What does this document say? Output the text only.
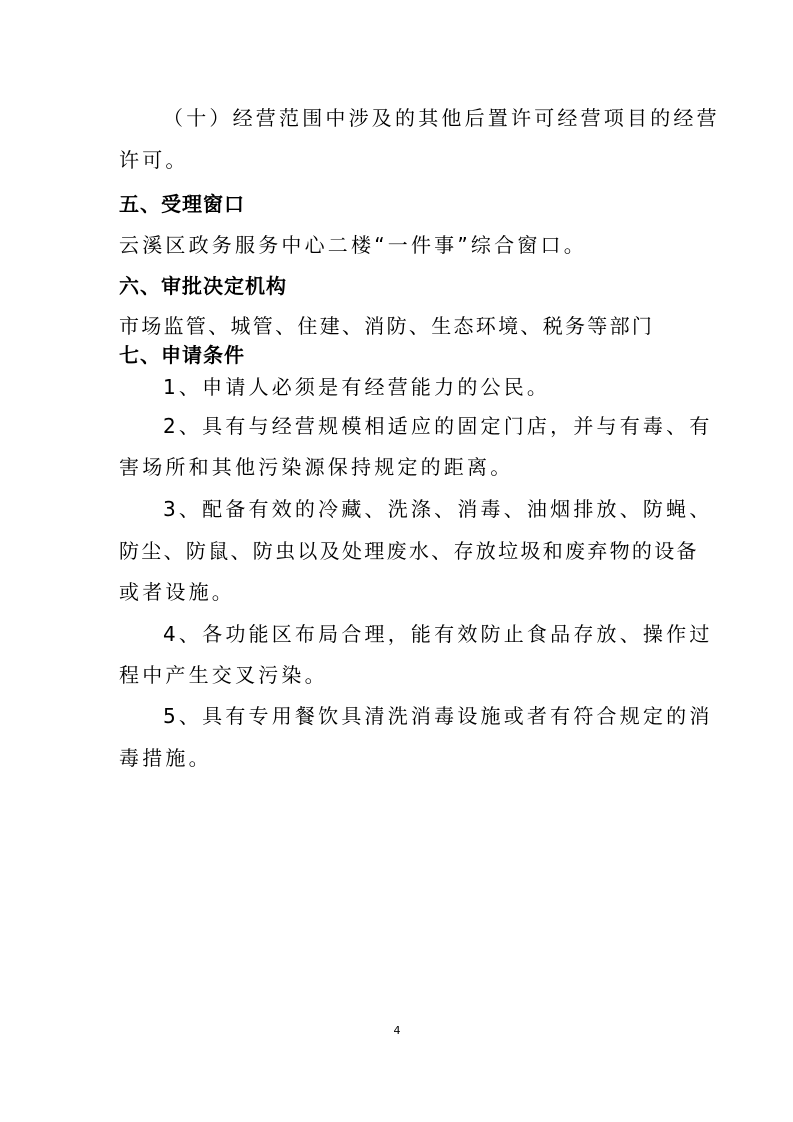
（十）经营范围中涉及的其他后置许可经营项目的经营
许可。
五、受理窗口
云溪区政务服务中心二楼“一件事”综合窗口。
六、审批决定机构
市场监管、城管、住建、消防、生态环境、税务等部门
七、申请条件
1、申请人必须是有经营能力的公民。
2、具有与经营规模相适应的固定门店，并与有毒、有
害场所和其他污染源保持规定的距离。
3、配备有效的冷藏、洗涤、消毒、油烟排放、防蝇、
防尘、防鼠、防虫以及处理废水、存放垃圾和废弃物的设备
或者设施。
4、各功能区布局合理，能有效防止食品存放、操作过
程中产生交叉污染。
5、具有专用餐饮具清洗消毒设施或者有符合规定的消
毒措施。
4
